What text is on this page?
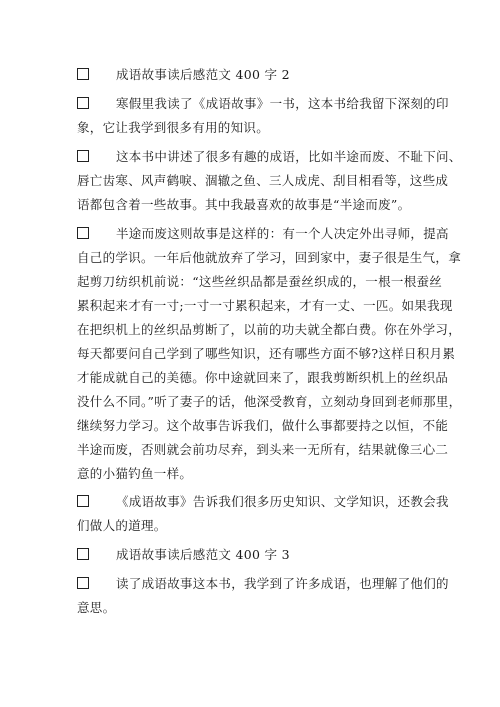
成语故事读后感范文 400 字 2
寒假里我读了《成语故事》一书，这本书给我留下深刻的印
象，它让我学到很多有用的知识。
这本书中讲述了很多有趣的成语，比如半途而废、不耻下问、
唇亡齿寒、风声鹤唳、涸辙之鱼、三人成虎、刮目相看等，这些成
语都包含着一些故事。其中我最喜欢的故事是“半途而废”。
半途而废这则故事是这样的：有一个人决定外出寻师，提高
自己的学识。一年后他就放弃了学习，回到家中，妻子很是生气，拿
起剪刀纺织机前说：“这些丝织品都是蚕丝织成的，一根一根蚕丝
累积起来才有一寸;一寸一寸累积起来，才有一丈、一匹。如果我现
在把织机上的丝织品剪断了，以前的功夫就全都白费。你在外学习，
每天都要问自己学到了哪些知识，还有哪些方面不够?这样日积月累
才能成就自己的美德。你中途就回来了，跟我剪断织机上的丝织品
没什么不同。”听了妻子的话，他深受教育，立刻动身回到老师那里，
继续努力学习。这个故事告诉我们，做什么事都要持之以恒，不能
半途而废，否则就会前功尽弃，到头来一无所有，结果就像三心二
意的小猫钓鱼一样。
《成语故事》告诉我们很多历史知识、文学知识，还教会我
们做人的道理。
成语故事读后感范文 400 字 3
读了成语故事这本书，我学到了许多成语，也理解了他们的
意思。
